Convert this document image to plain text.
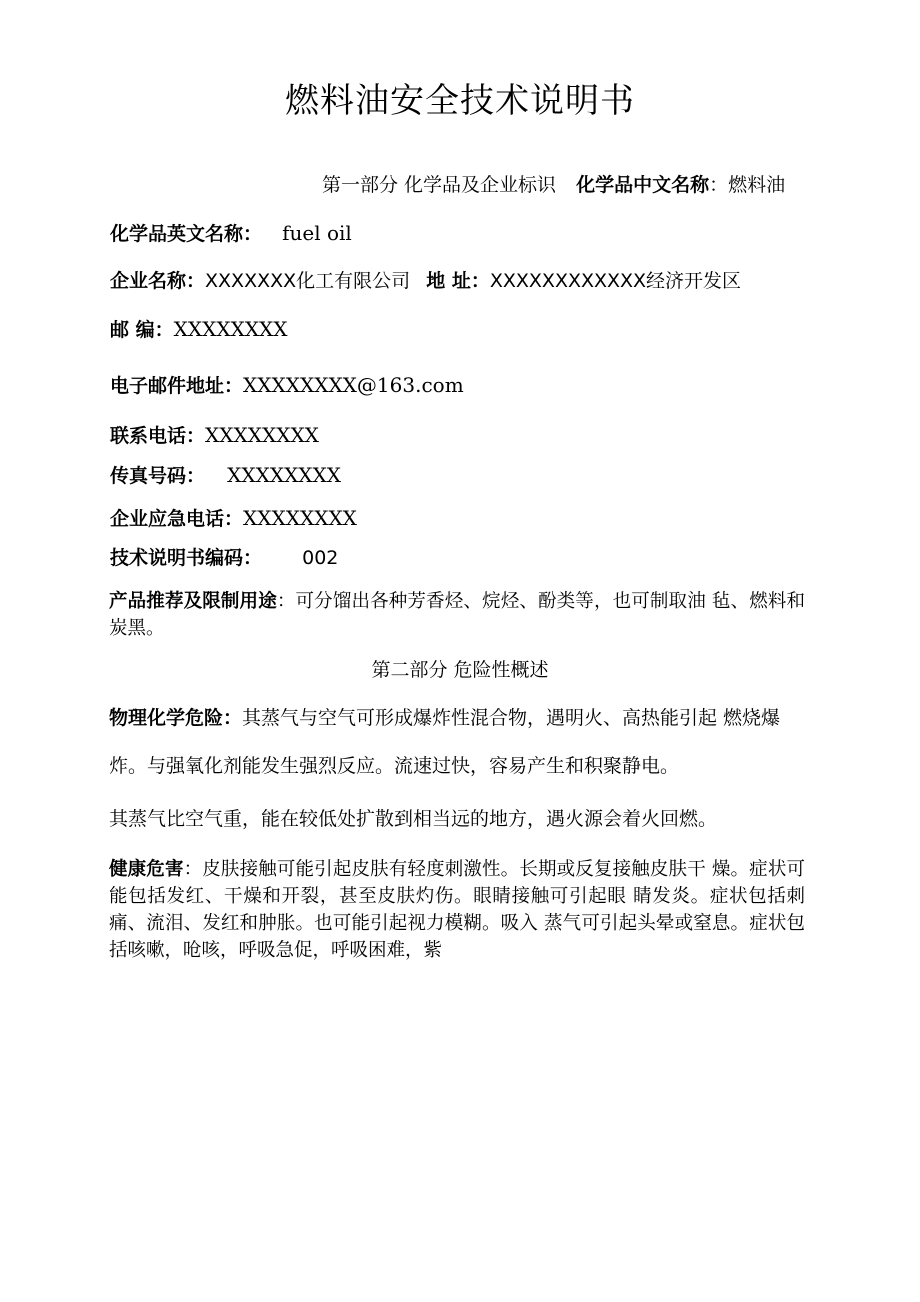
燃料油安全技术说明书
第一部分 化学品及企业标识 化学品中文名称：燃料油
化学品英文名称： fuel oil
企业名称：XXXXXXX化工有限公司 地 址：XXXXXXXXXXXX经济开发区
邮 编：XXXXXXXX
电子邮件地址：XXXXXXXX@163.com
联系电话：XXXXXXXX
传真号码： XXXXXXXX
企业应急电话：XXXXXXXX
技术说明书编码： 002
产品推荐及限制用途：可分馏出各种芳香烃、烷烃、酚类等，也可制取油 毡、燃料和炭黑。
第二部分 危险性概述
物理化学危险：其蒸气与空气可形成爆炸性混合物，遇明火、高热能引起 燃烧爆
炸。与强氧化剂能发生强烈反应。流速过快，容易产生和积聚静电。
其蒸气比空气重，能在较低处扩散到相当远的地方，遇火源会着火回燃。
健康危害：皮肤接触可能引起皮肤有轻度刺激性。长期或反复接触皮肤干 燥。症状可能包括发红、干燥和开裂，甚至皮肤灼伤。眼睛接触可引起眼 睛发炎。症状包括刺痛、流泪、发红和肿胀。也可能引起视力模糊。吸入 蒸气可引起头晕或窒息。症状包括咳嗽，呛咳，呼吸急促，呼吸困难，紫
